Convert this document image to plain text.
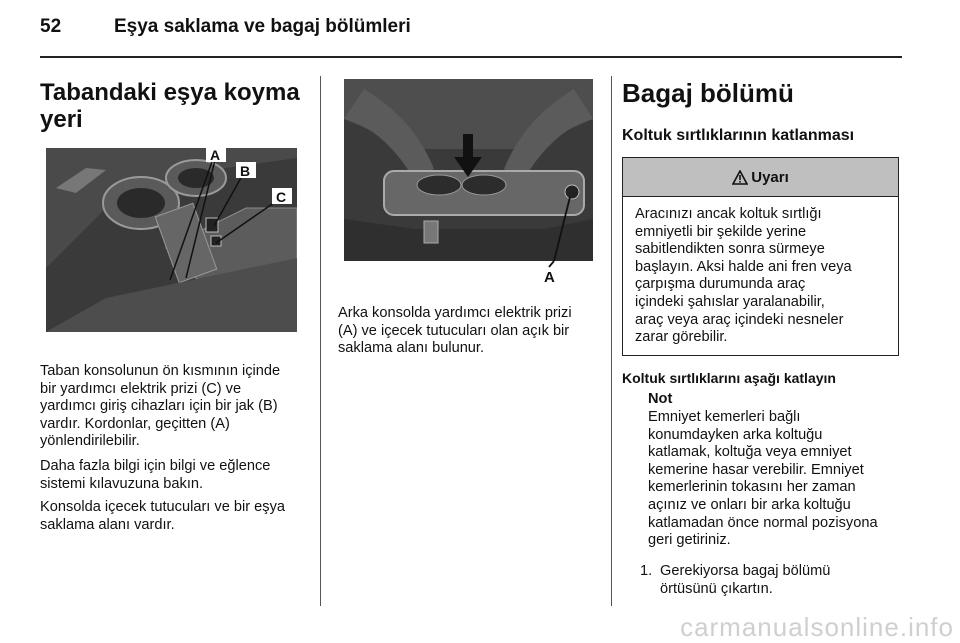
52	Eşya saklama ve bagaj bölümleri
Tabandaki eşya koyma
yeri
A
B
C
Taban konsolunun ön kısmının içinde
bir yardımcı elektrik prizi (C) ve
yardımcı giriş cihazları için bir jak (B)
vardır. Kordonlar, geçitten (A)
yönlendirilebilir.
Daha fazla bilgi için bilgi ve eğlence
sistemi kılavuzuna bakın.
Konsolda içecek tutucuları ve bir eşya
saklama alanı vardır.
A
Arka konsolda yardımcı elektrik prizi
(A) ve içecek tutucuları olan açık bir
saklama alanı bulunur.
Bagaj bölümü
Koltuk sırtlıklarının katlanması
Uyarı
Aracınızı ancak koltuk sırtlığı
emniyetli bir şekilde yerine
sabitlendikten sonra sürmeye
başlayın. Aksi halde ani fren veya
çarpışma durumunda araç
içindeki şahıslar yaralanabilir,
araç veya araç içindeki nesneler
zarar görebilir.
Koltuk sırtlıklarını aşağı katlayın
Not
Emniyet kemerleri bağlı
konumdayken arka koltuğu
katlamak, koltuğa veya emniyet
kemerine hasar verebilir. Emniyet
kemerlerinin tokasını her zaman
açınız ve onları bir arka koltuğu
katlamadan önce normal pozisyona
geri getiriniz.
1. Gerekiyorsa bagaj bölümü
örtüsünü çıkartın.
carmanualsonline.info
